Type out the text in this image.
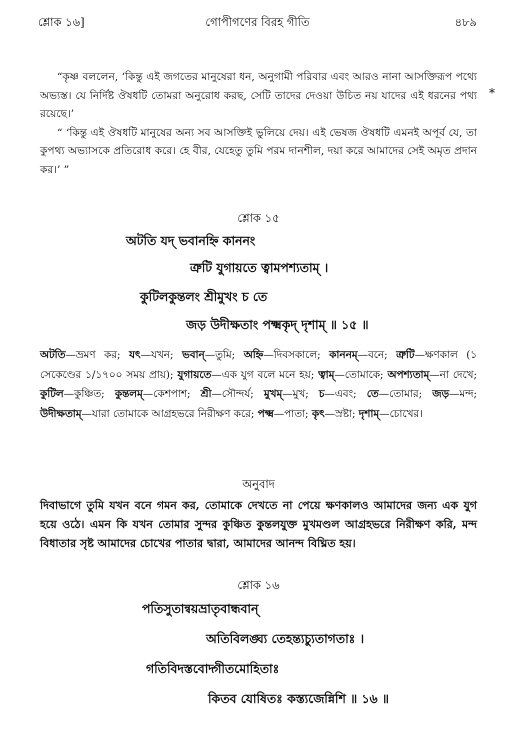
শ্লোক ১৬]	গোপীগণের বিরহ গীতি	৪৮৯
*

“কৃষ্ণ বললেন, ‘কিন্তু এই জগতের মানুষেরা ধন, অনুগামী পরিবার এবং আরও নানা আসক্তিরূপ পথ্যে অভ্যস্ত। যে নির্দিষ্ট ঔষধটি তোমরা অনুরোধ করছ, সেটি তাদের দেওয়া উচিত নয় যাদের এই ধরনের পথ্য রয়েছে।’

“ ‘কিন্তু এই ঔষধটি মানুষের অন্য সব আসক্তিই ভুলিয়ে দেয়। এই ভেষজ ঔষধটি এমনই অপূর্ব যে, তা কুপথ্য অভ্যাসকে প্রতিরোধ করে। হে বীর, যেহেতু তুমি পরম দানশীল, দয়া করে আমাদের সেই অমৃত প্রদান কর।’ ”

শ্লোক ১৫
অটতি যদ্ ভবানহ্নি কাননং
ত্রুটি যুগায়তে ত্বামপশ্যতাম্ ।
কুটিলকুন্তলং শ্রীমুখং চ তে
জড় উদীক্ষতাং পক্ষ্মকৃদ্ দৃশাম্ ॥ ১৫ ॥
অটতি—ভ্রমণ কর; যৎ—যখন; ভবান্—তুমি; অহ্নি—দিবসকালে; কাননম্—বনে; ত্রুটি—ক্ষণকাল (১ সেকেণ্ডের ১/১৭০০ সময় প্রায়); যুগায়তে—এক যুগ বলে মনে হয়; ত্বাম্—তোমাকে; অপশ্যতাম্—না দেখে; কুটিল—কুঞ্চিত; কুন্তলম্—কেশপাশ; শ্রী—সৌন্দর্য; মুখম্—মুখ; চ—এবং; তে—তোমার; জড়—মন্দ; উদীক্ষতাম্—যারা তোমাকে আগ্রহভরে নিরীক্ষণ করে; পক্ষ্ম—পাতা; কৃৎ—স্রষ্টা; দৃশাম্—চোখের।
অনুবাদ
দিবাভাগে তুমি যখন বনে গমন কর, তোমাকে দেখতে না পেয়ে ক্ষণকালও আমাদের জন্য এক যুগ হয়ে ওঠে। এমন কি যখন তোমার সুন্দর কুঞ্চিত কুন্তলযুক্ত মুখমণ্ডল আগ্রহভরে নিরীক্ষণ করি, মন্দ বিধাতার সৃষ্ট আমাদের চোখের পাতার দ্বারা, আমাদের আনন্দ বিঘ্নিত হয়।
শ্লোক ১৬
পতিসুতান্বয়ভ্রাতৃবান্ধবান্
অতিবিলঙ্ঘ্য তেহন্ত্যচ্যুতাগতাঃ ।
গতিবিদস্তবোদ্গীতমোহিতাঃ
কিতব যোষিতঃ কস্ত্যজেন্নিশি ॥ ১৬ ॥
